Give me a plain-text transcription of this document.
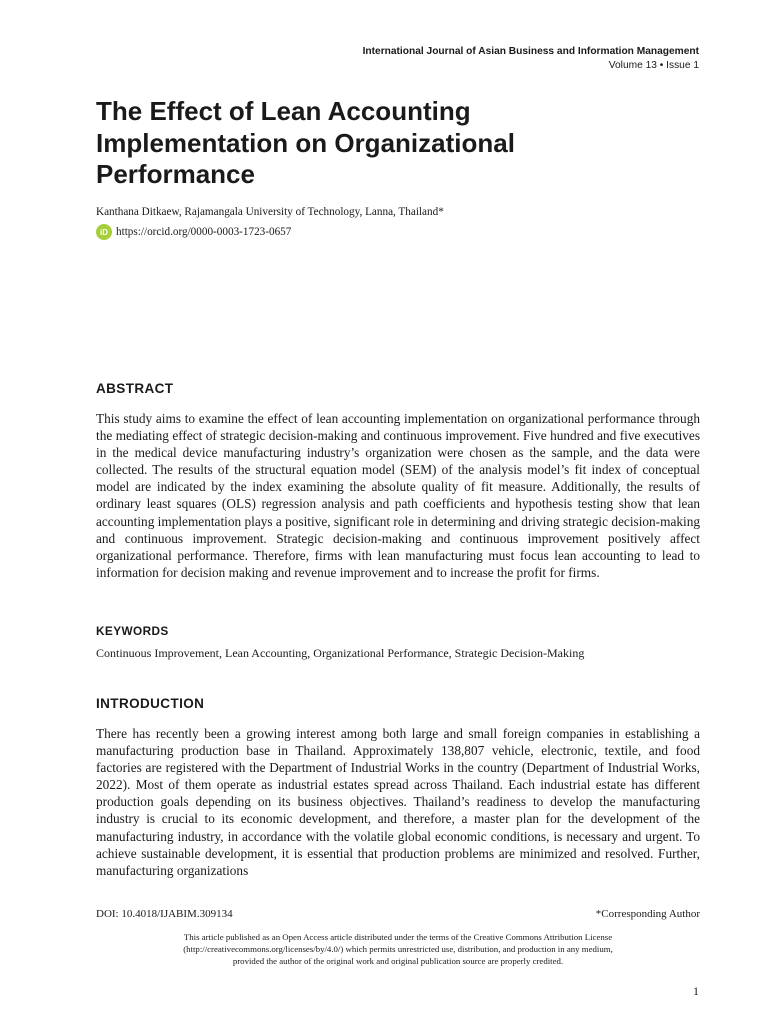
International Journal of Asian Business and Information Management
Volume 13 • Issue 1
The Effect of Lean Accounting Implementation on Organizational Performance
Kanthana Ditkaew, Rajamangala University of Technology, Lanna, Thailand*
iD https://orcid.org/0000-0003-1723-0657
ABSTRACT

This study aims to examine the effect of lean accounting implementation on organizational performance through the mediating effect of strategic decision-making and continuous improvement. Five hundred and five executives in the medical device manufacturing industry’s organization were chosen as the sample, and the data were collected. The results of the structural equation model (SEM) of the analysis model’s fit index of conceptual model are indicated by the index examining the absolute quality of fit measure. Additionally, the results of ordinary least squares (OLS) regression analysis and path coefficients and hypothesis testing show that lean accounting implementation plays a positive, significant role in determining and driving strategic decision-making and continuous improvement. Strategic decision-making and continuous improvement positively affect organizational performance. Therefore, firms with lean manufacturing must focus lean accounting to lead to information for decision making and revenue improvement and to increase the profit for firms.

KEYWORDS

Continuous Improvement, Lean Accounting, Organizational Performance, Strategic Decision-Making

INTRODUCTION

There has recently been a growing interest among both large and small foreign companies in establishing a manufacturing production base in Thailand. Approximately 138,807 vehicle, electronic, textile, and food factories are registered with the Department of Industrial Works in the country (Department of Industrial Works, 2022). Most of them operate as industrial estates spread across Thailand. Each industrial estate has different production goals depending on its business objectives. Thailand’s readiness to develop the manufacturing industry is crucial to its economic development, and therefore, a master plan for the development of the manufacturing industry, in accordance with the volatile global economic conditions, is necessary and urgent. To achieve sustainable development, it is essential that production problems are minimized and resolved. Further, manufacturing organizations

DOI: 10.4018/IJABIM.309134	*Corresponding Author
This article published as an Open Access article distributed under the terms of the Creative Commons Attribution License
(http://creativecommons.org/licenses/by/4.0/) which permits unrestricted use, distribution, and production in any medium,
provided the author of the original work and original publication source are properly credited.
1
